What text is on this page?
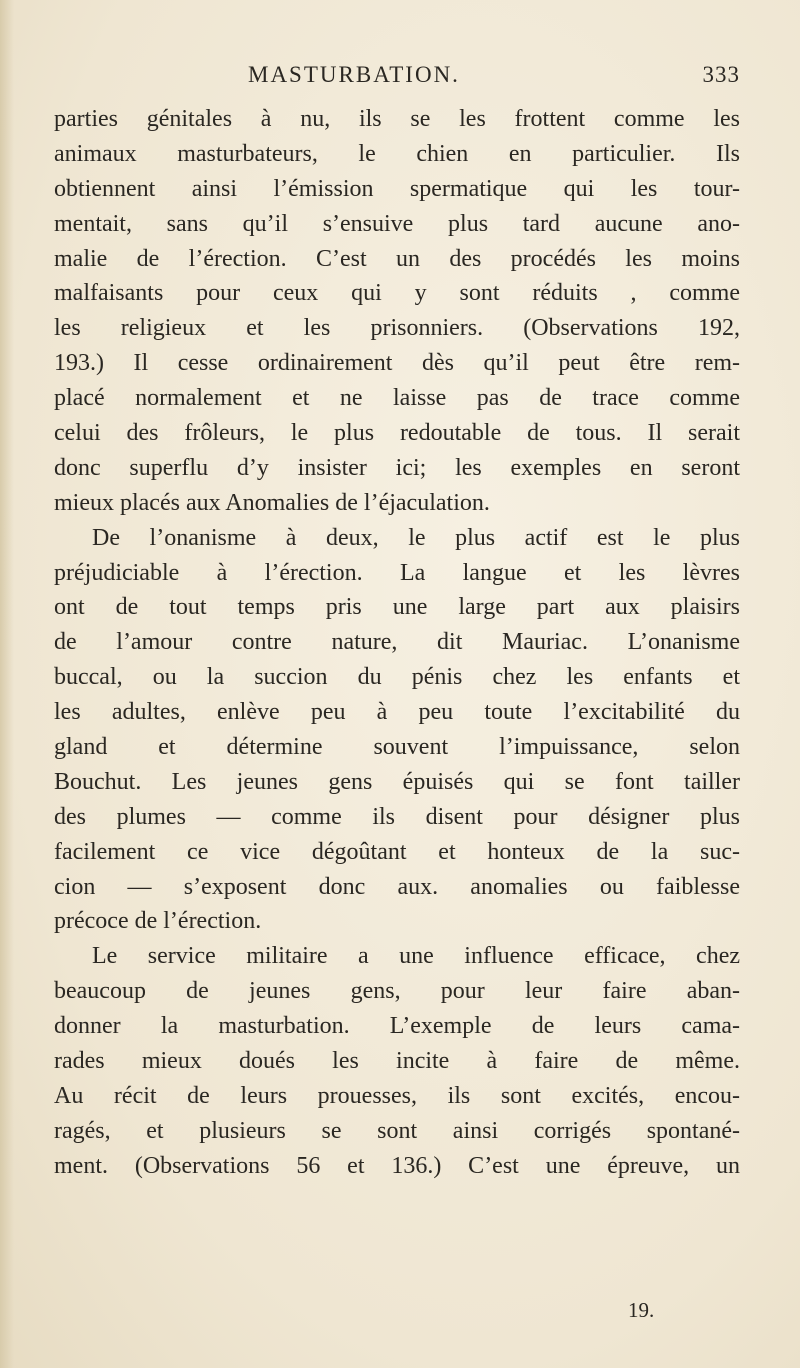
MASTURBATION.	333
parties génitales à nu, ils se les frottent comme les
animaux masturbateurs, le chien en particulier. Ils
obtiennent ainsi l’émission spermatique qui les tour-
mentait, sans qu’il s’ensuive plus tard aucune ano-
malie de l’érection. C’est un des procédés les moins
malfaisants pour ceux qui y sont réduits , comme
les religieux et les prisonniers. (Observations 192,
193.) Il cesse ordinairement dès qu’il peut être rem-
placé normalement et ne laisse pas de trace comme
celui des frôleurs, le plus redoutable de tous. Il serait
donc superflu d’y insister ici; les exemples en seront
mieux placés aux Anomalies de l’éjaculation.
De l’onanisme à deux, le plus actif est le plus
préjudiciable à l’érection. La langue et les lèvres
ont de tout temps pris une large part aux plaisirs
de l’amour contre nature, dit Mauriac. L’onanisme
buccal, ou la succion du pénis chez les enfants et
les adultes, enlève peu à peu toute l’excitabilité du
gland et détermine souvent l’impuissance, selon
Bouchut. Les jeunes gens épuisés qui se font tailler
des plumes — comme ils disent pour désigner plus
facilement ce vice dégoûtant et honteux de la suc-
cion — s’exposent donc aux. anomalies ou faiblesse
précoce de l’érection.
Le service militaire a une influence efficace, chez
beaucoup de jeunes gens, pour leur faire aban-
donner la masturbation. L’exemple de leurs cama-
rades mieux doués les incite à faire de même.
Au récit de leurs prouesses, ils sont excités, encou-
ragés, et plusieurs se sont ainsi corrigés spontané-
ment. (Observations 56 et 136.) C’est une épreuve, un
19.
